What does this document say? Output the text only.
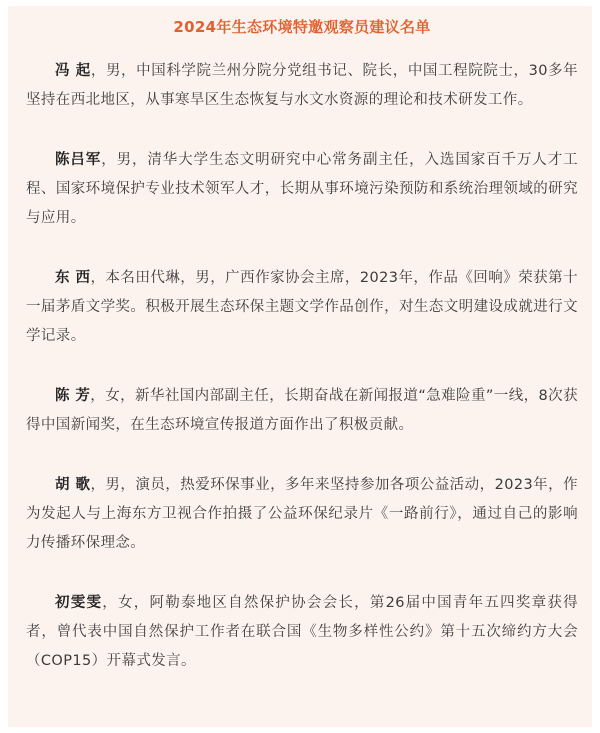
2024年生态环境特邀观察员建议名单

冯 起，男，中国科学院兰州分院分党组书记、院长，中国工程院院士，30多年坚持在西北地区，从事寒旱区生态恢复与水文水资源的理论和技术研发工作。

陈吕军，男，清华大学生态文明研究中心常务副主任，入选国家百千万人才工程、国家环境保护专业技术领军人才，长期从事环境污染预防和系统治理领域的研究与应用。

东 西，本名田代琳，男，广西作家协会主席，2023年，作品《回响》荣获第十一届茅盾文学奖。积极开展生态环保主题文学作品创作，对生态文明建设成就进行文学记录。

陈 芳，女，新华社国内部副主任，长期奋战在新闻报道“急难险重”一线，8次获得中国新闻奖，在生态环境宣传报道方面作出了积极贡献。

胡 歌，男，演员，热爱环保事业，多年来坚持参加各项公益活动，2023年，作为发起人与上海东方卫视合作拍摄了公益环保纪录片《一路前行》，通过自己的影响力传播环保理念。

初雯雯，女，阿勒泰地区自然保护协会会长，第26届中国青年五四奖章获得者，曾代表中国自然保护工作者在联合国《生物多样性公约》第十五次缔约方大会（COP15）开幕式发言。
